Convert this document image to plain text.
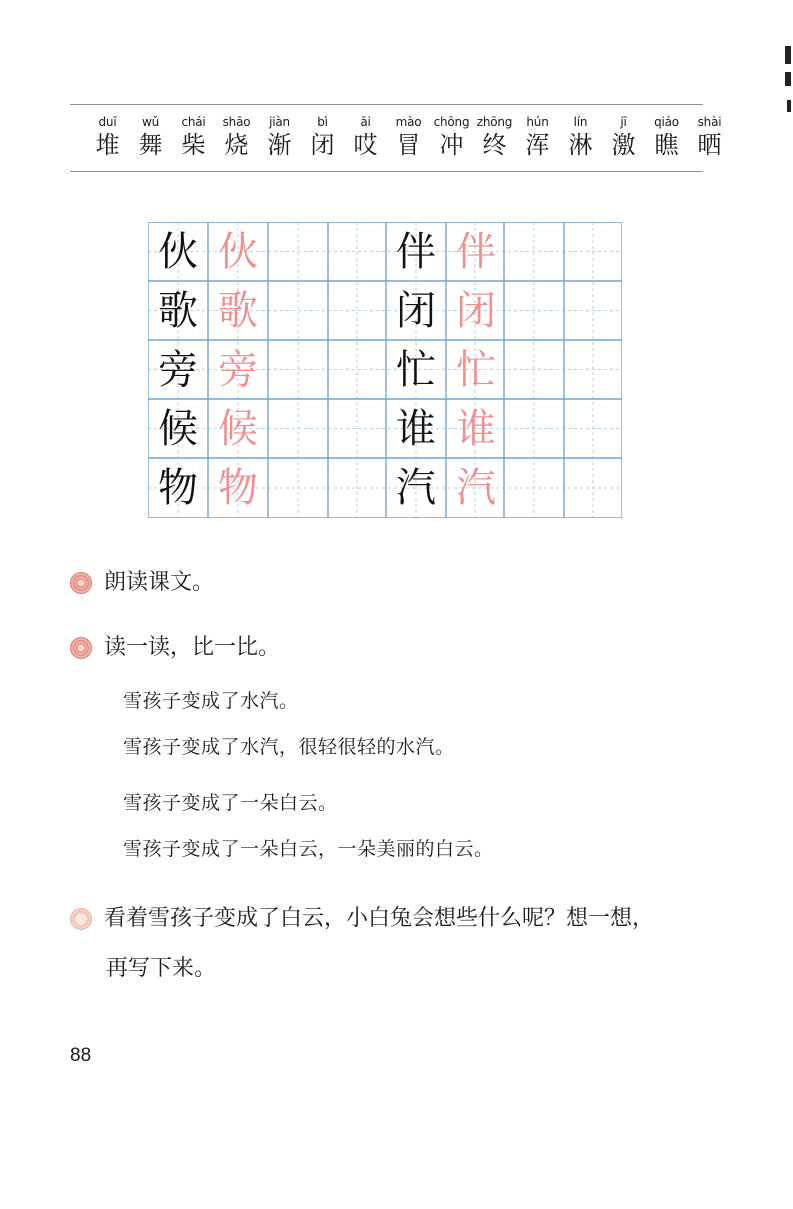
duī
堆
wǔ
舞
chái
柴
shāo
烧
jiàn
渐
bì
闭
āi
哎
mào
冒
chōng
冲
zhōng
终
hún
浑
lín
淋
jī
激
qiáo
瞧
shài
晒
伙 伙	伴 伴
歌 歌	闭 闭
旁 旁	忙 忙
候 候	谁 谁
物 物	汽 汽
朗读课文。
读一读，比一比。
雪孩子变成了水汽。
雪孩子变成了水汽，很轻很轻的水汽。
雪孩子变成了一朵白云。
雪孩子变成了一朵白云，一朵美丽的白云。
看着雪孩子变成了白云，小白兔会想些什么呢？想一想，
再写下来。
88
